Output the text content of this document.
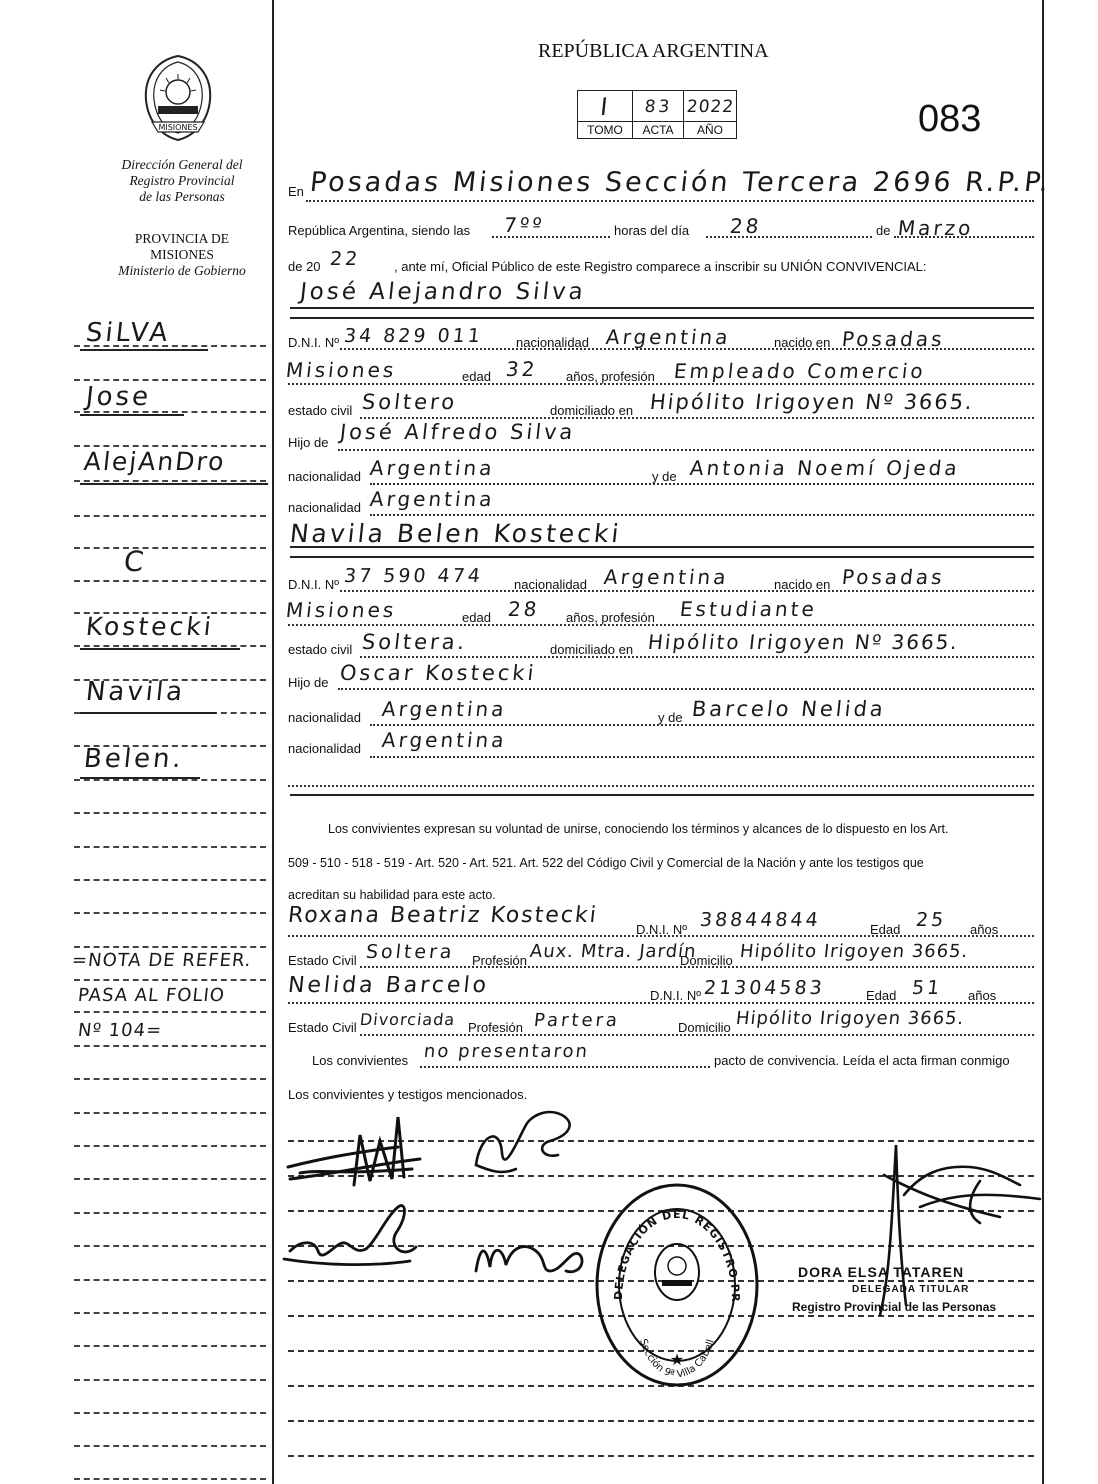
MISIONES
Dirección General del
Registro Provincial
de las Personas
PROVINCIA DE
MISIONES
Ministerio de Gobierno
SiLVA
Jose
AlejAnDro
C
Kostecki
Navila
Belen.
=NOTA DE REFER.
PASA AL FOLIO
Nº 104=
REPÚBLICA ARGENTINA
I	83	2022
TOMO	ACTA	AÑO	083
En Posadas Misiones Sección Tercera 2696 R.P.P.
República Argentina, siendo las 7ºº	horas del día 28	de Marzo
de 20 22	, ante mí, Oficial Público de este Registro comparece a inscribir su UNIÓN CONVIVENCIAL:
José Alejandro Silva
D.N.I. Nº 34 829 011 nacionalidad Argentina	nacido en Posadas
Misiones	edad 32 años, profesión Empleado Comercio
estado civil Soltero	domiciliado en Hipólito Irigoyen Nº 3665.
Hijo de José Alfredo Silva
nacionalidad Argentina	y de Antonia Noemí Ojeda
nacionalidad Argentina
Navila Belen Kostecki
D.N.I. Nº 37 590 474 nacionalidad Argentina	nacido en Posadas
Misiones	edad 28 años, profesión Estudiante
estado civil Soltera.	domiciliado en Hipólito Irigoyen Nº 3665.
Hijo de Oscar Kostecki
nacionalidad Argentina	y de Barcelo Nelida
nacionalidad Argentina
Los convivientes expresan su voluntad de unirse, conociendo los términos y alcances de lo dispuesto en los Art.
509 - 510 - 518 - 519 - Art. 520 - Art. 521. Art. 522 del Código Civil y Comercial de la Nación y ante los testigos que
acreditan su habilidad para este acto.
Roxana Beatriz Kostecki
D.N.I. Nº 38844844	Edad 25 años
Estado Civil Soltera Profesión Aux. Mtra. Jardín
Domicilio Hipólito Irigoyen 3665.
Nelida Barcelo	D.N.I. Nº 21304583	Edad 51 años
Estado Civil Divorciada Profesión Partera	Domicilio Hipólito Irigoyen 3665.
Los convivientes no presentaron	pacto de convivencia. Leída el acta firman conmigo
Los convivientes y testigos mencionados.
DELEGACIÓN DEL REGISTRO PR
Sección 9ª Villa Cabell
★
DORA ELSA TATAREN
DELEGADA TITULAR
Registro Provincial de las Personas
